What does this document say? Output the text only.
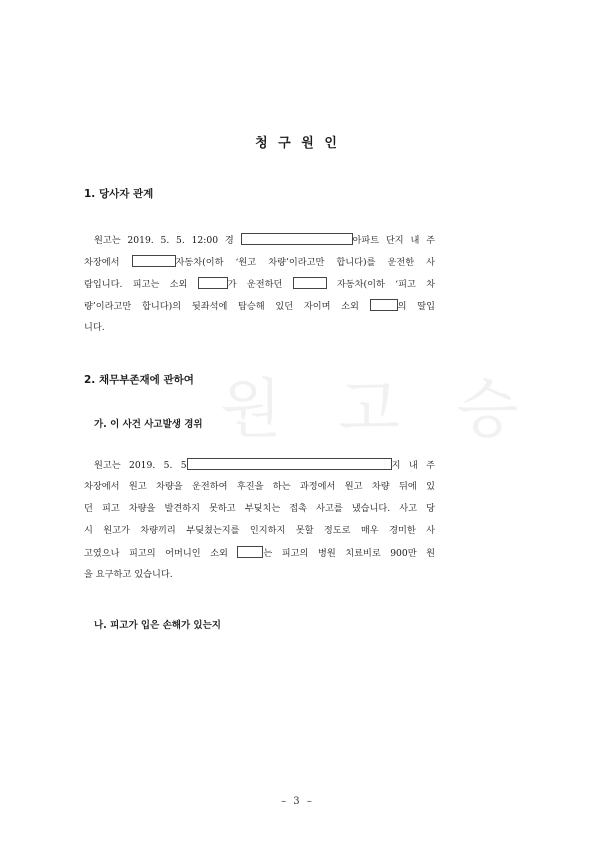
원 고 승
청 구 원 인
1. 당사자 관계
원고는 2019. 5. 5. 12:00 경	아파트 단지 내 주
차장에서	자동차(이하 ‘원고 차량’이라고만 합니다)를 운전한 사
람입니다. 피고는 소외	가 운전하던	자동차(이하 ‘피고 차
량’이라고만 합니다)의 뒷좌석에 탑승해 있던 자이며 소외	의 딸입
니다.
2. 채무부존재에 관하여
가. 이 사건 사고발생 경위
원고는 2019. 5. 5	지 내 주
차장에서 원고 차량을 운전하여 후진을 하는 과정에서 원고 차량 뒤에 있
던 피고 차량을 발견하지 못하고 부딪치는 접촉 사고를 냈습니다. 사고 당
시 원고가 차량끼리 부딪쳤는지를 인지하지 못할 정도로 매우 경미한 사
고였으나 피고의 어머니인 소외	는 피고의 병원 치료비로 900만 원
을 요구하고 있습니다.
나. 피고가 입은 손해가 있는지
– 3 –
